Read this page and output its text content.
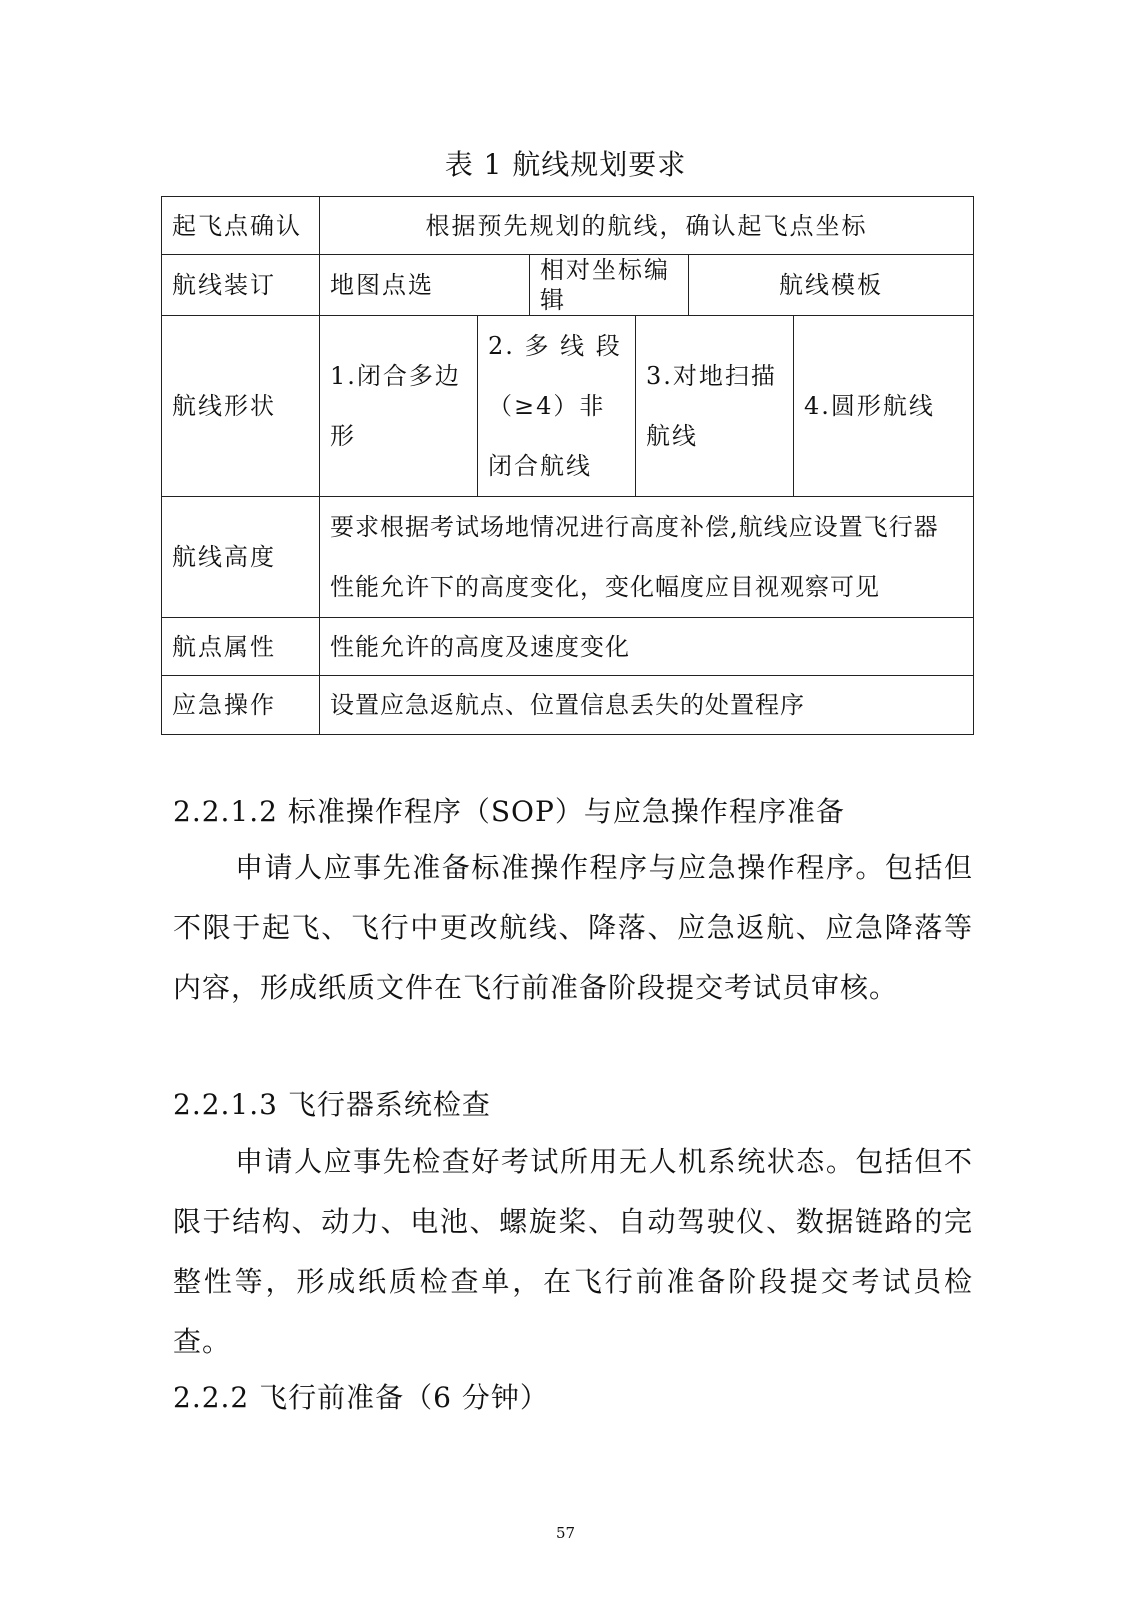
表 1 航线规划要求
起飞点确认	根据预先规划的航线，确认起飞点坐标					
航线装订	地图点选		相对坐标编辑		航线模板	
航线形状	1.闭合多边形	2. 多 线 段（≥4）非闭合航线		3.对地扫描航线		4.圆形航线
航线高度	要求根据考试场地情况进行高度补偿,航线应设置飞行器性能允许下的高度变化，变化幅度应目视观察可见					
航点属性	性能允许的高度及速度变化					
应急操作	设置应急返航点、位置信息丢失的处置程序					
2.2.1.2 标准操作程序（SOP）与应急操作程序准备
申请人应事先准备标准操作程序与应急操作程序。包括但不限于起飞、飞行中更改航线、降落、应急返航、应急降落等内容，形成纸质文件在飞行前准备阶段提交考试员审核。
2.2.1.3 飞行器系统检查
申请人应事先检查好考试所用无人机系统状态。包括但不限于结构、动力、电池、螺旋桨、自动驾驶仪、数据链路的完整性等，形成纸质检查单，在飞行前准备阶段提交考试员检查。
2.2.2 飞行前准备（6 分钟）
57
